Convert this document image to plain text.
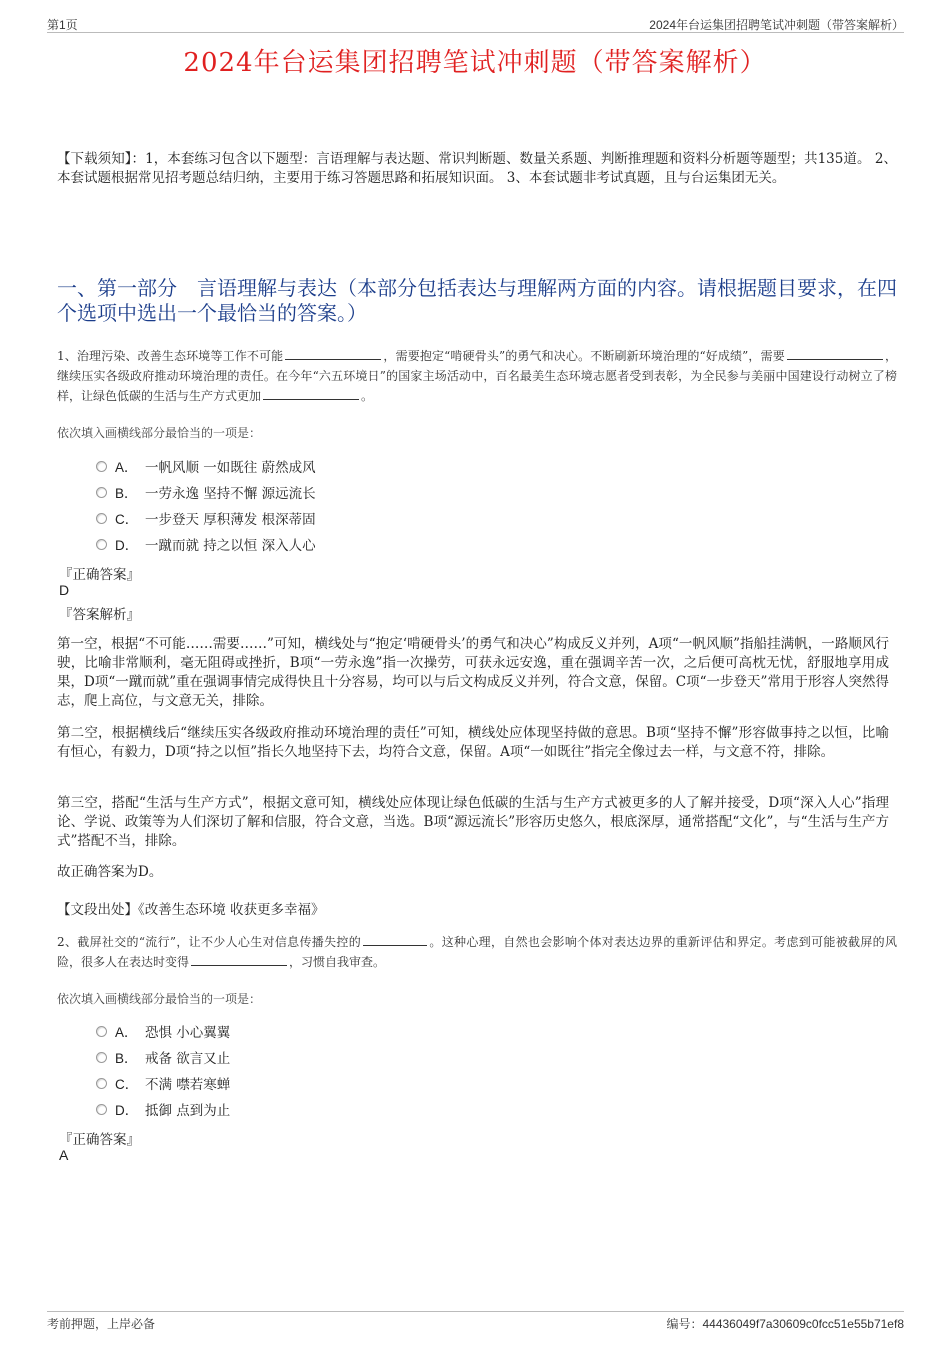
第1页	2024年台运集团招聘笔试冲刺题（带答案解析）
2024年台运集团招聘笔试冲刺题（带答案解析）
【下载须知】：1，本套练习包含以下题型：言语理解与表达题、常识判断题、数量关系题、判断推理题和资料分析题等题型；共135道。 2、本套试题根据常见招考题总结归纳，主要用于练习答题思路和拓展知识面。 3、本套试题非考试真题，且与台运集团无关。
一、第一部分　言语理解与表达（本部分包括表达与理解两方面的内容。请根据题目要求，在四个选项中选出一个最恰当的答案。）
1、治理污染、改善生态环境等工作不可能	，需要抱定“啃硬骨头”的勇气和决心。不断刷新环境治理的“好成绩”，需要	，继续压实各级政府推动环境治理的责任。在今年“六五环境日”的国家主场活动中，百名最美生态环境志愿者受到表彰，为全民参与美丽中国建设行动树立了榜样，让绿色低碳的生活与生产方式更加	。
依次填入画横线部分最恰当的一项是：
A． 一帆风顺 一如既往 蔚然成风
B． 一劳永逸 坚持不懈 源远流长
C． 一步登天 厚积薄发 根深蒂固
D． 一蹴而就 持之以恒 深入人心
『正确答案』
D
『答案解析』
第一空，根据“不可能……需要……”可知，横线处与“抱定‘啃硬骨头’的勇气和决心”构成反义并列，A项“一帆风顺”指船挂满帆，一路顺风行驶，比喻非常顺利，毫无阻碍或挫折，B项“一劳永逸”指一次操劳，可获永远安逸，重在强调辛苦一次，之后便可高枕无忧，舒服地享用成果，D项“一蹴而就”重在强调事情完成得快且十分容易，均可以与后文构成反义并列，符合文意，保留。C项“一步登天”常用于形容人突然得志，爬上高位，与文意无关，排除。
第二空，根据横线后“继续压实各级政府推动环境治理的责任”可知，横线处应体现坚持做的意思。B项“坚持不懈”形容做事持之以恒，比喻有恒心，有毅力，D项“持之以恒”指长久地坚持下去，均符合文意，保留。A项“一如既往”指完全像过去一样，与文意不符，排除。
第三空，搭配“生活与生产方式”，根据文意可知，横线处应体现让绿色低碳的生活与生产方式被更多的人了解并接受，D项“深入人心”指理论、学说、政策等为人们深切了解和信服，符合文意，当选。B项“源远流长”形容历史悠久，根底深厚，通常搭配“文化”，与“生活与生产方式”搭配不当，排除。
故正确答案为D。
【文段出处】《改善生态环境 收获更多幸福》
2、截屏社交的“流行”，让不少人心生对信息传播失控的	。这种心理，自然也会影响个体对表达边界的重新评估和界定。考虑到可能被截屏的风险，很多人在表达时变得	，习惯自我审查。
依次填入画横线部分最恰当的一项是：
A． 恐惧 小心翼翼
B． 戒备 欲言又止
C． 不满 噤若寒蝉
D． 抵御 点到为止
『正确答案』
A
考前押题，上岸必备	编号：44436049f7a30609c0fcc51e55b71ef8
